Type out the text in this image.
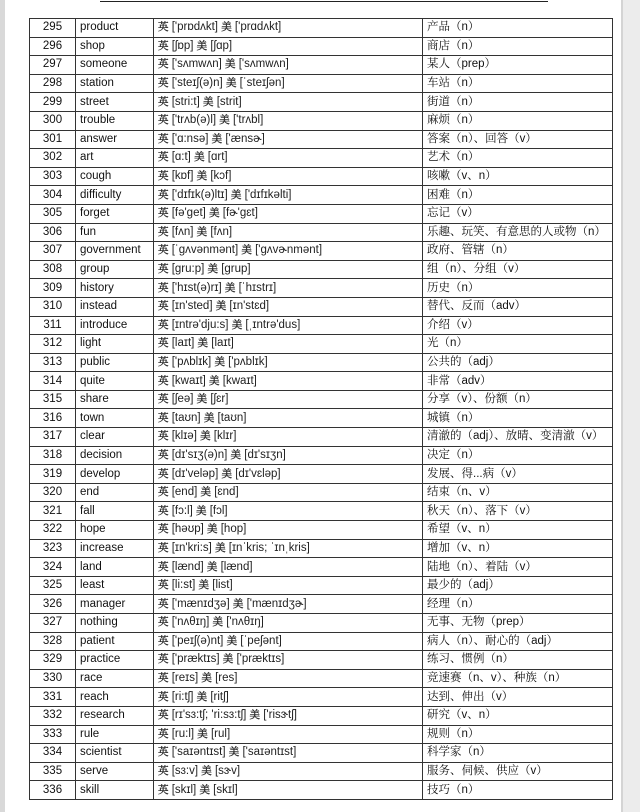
295	product	英 ['prɒdʌkt] 美 ['prɑdʌkt]	产品（n）
296	shop	英 [ʃɒp] 美 [ʃɑp]	商店（n）
297	someone	英 ['sʌmwʌn] 美 ['sʌmwʌn]	某人（prep）
298	station	英 ['steɪʃ(ə)n] 美 [ˈsteɪʃən]	车站（n）
299	street	英 [stri:t] 美 [strit]	街道（n）
300	trouble	英 ['trʌb(ə)l] 美 ['trʌbl]	麻烦（n）
301	answer	英 ['ɑ:nsə] 美 ['ænsɚ]	答案（n）、回答（v）
302	art	英 [ɑ:t] 美 [ɑrt]	艺术（n）
303	cough	英 [kɒf] 美 [kɔf]	咳嗽（v、n）
304	difficulty	英 ['dɪfɪk(ə)ltɪ] 美 ['dɪfɪkəlti]	困难（n）
305	forget	英 [fə'get] 美 [fɚ'gɛt]	忘记（v）
306	fun	英 [fʌn] 美 [fʌn]	乐趣、玩笑、有意思的人或物（n）
307	government	英 [ˈgʌvənmənt] 美 ['gʌvɚnmənt]	政府、管辖（n）
308	group	英 [gru:p] 美 [grup]	组（n）、分组（v）
309	history	英 ['hɪst(ə)rɪ] 美 [ˈhɪstrɪ]	历史（n）
310	instead	英 [ɪn'sted] 美 [ɪn'stɛd]	替代、反而（adv）
311	introduce	英 [ɪntrə'dju:s] 美 [ˌɪntrə'dus]	介绍（v）
312	light	英 [laɪt] 美 [laɪt]	光（n）
313	public	英 ['pʌblɪk] 美 ['pʌblɪk]	公共的（adj）
314	quite	英 [kwaɪt] 美 [kwaɪt]	非常（adv）
315	share	英 [ʃeə] 美 [ʃɛr]	分享（v）、份额（n）
316	town	英 [taʊn] 美 [taʊn]	城镇（n）
317	clear	英 [klɪə] 美 [klɪr]	清澈的（adj）、放晴、变清澈（v）
318	decision	英 [dɪ'sɪʒ(ə)n] 美 [dɪ'sɪʒn]	决定（n）
319	develop	英 [dɪ'veləp] 美 [dɪ'vɛləp]	发展、得...病（v）
320	end	英 [end] 美 [ɛnd]	结束（n、v）
321	fall	英 [fɔ:l] 美 [fɔl]	秋天（n）、落下（v）
322	hope	英 [həʊp] 美 [hop]	希望（v、n）
323	increase	英 [ɪn'kri:s] 美 [ɪnˈkris; ˈɪnˌkris]	增加（v、n）
324	land	英 [lænd] 美 [lænd]	陆地（n）、着陆（v）
325	least	英 [li:st] 美 [list]	最少的（adj）
326	manager	英 ['mænɪdʒə] 美 ['mænɪdʒɚ]	经理（n）
327	nothing	英 ['nʌθɪŋ] 美 ['nʌθɪŋ]	无事、无物（prep）
328	patient	英 ['peɪʃ(ə)nt] 美 [ˈpeʃənt]	病人（n）、耐心的（adj）
329	practice	英 ['præktɪs] 美 ['præktɪs]	练习、惯例（n）
330	race	英 [reɪs] 美 [res]	竞速赛（n、v）、种族（n）
331	reach	英 [ri:tʃ] 美 [ritʃ]	达到、伸出（v）
332	research	英 [rɪ'sɜ:tʃ; 'ri:sɜ:tʃ] 美 ['risɝtʃ]	研究（v、n）
333	rule	英 [ru:l] 美 [rul]	规则（n）
334	scientist	英 ['saɪəntɪst] 美 ['saɪəntɪst]	科学家（n）
335	serve	英 [sɜ:v] 美 [sɝv]	服务、伺候、供应（v）
336	skill	英 [skɪl] 美 [skɪl]	技巧（n）
